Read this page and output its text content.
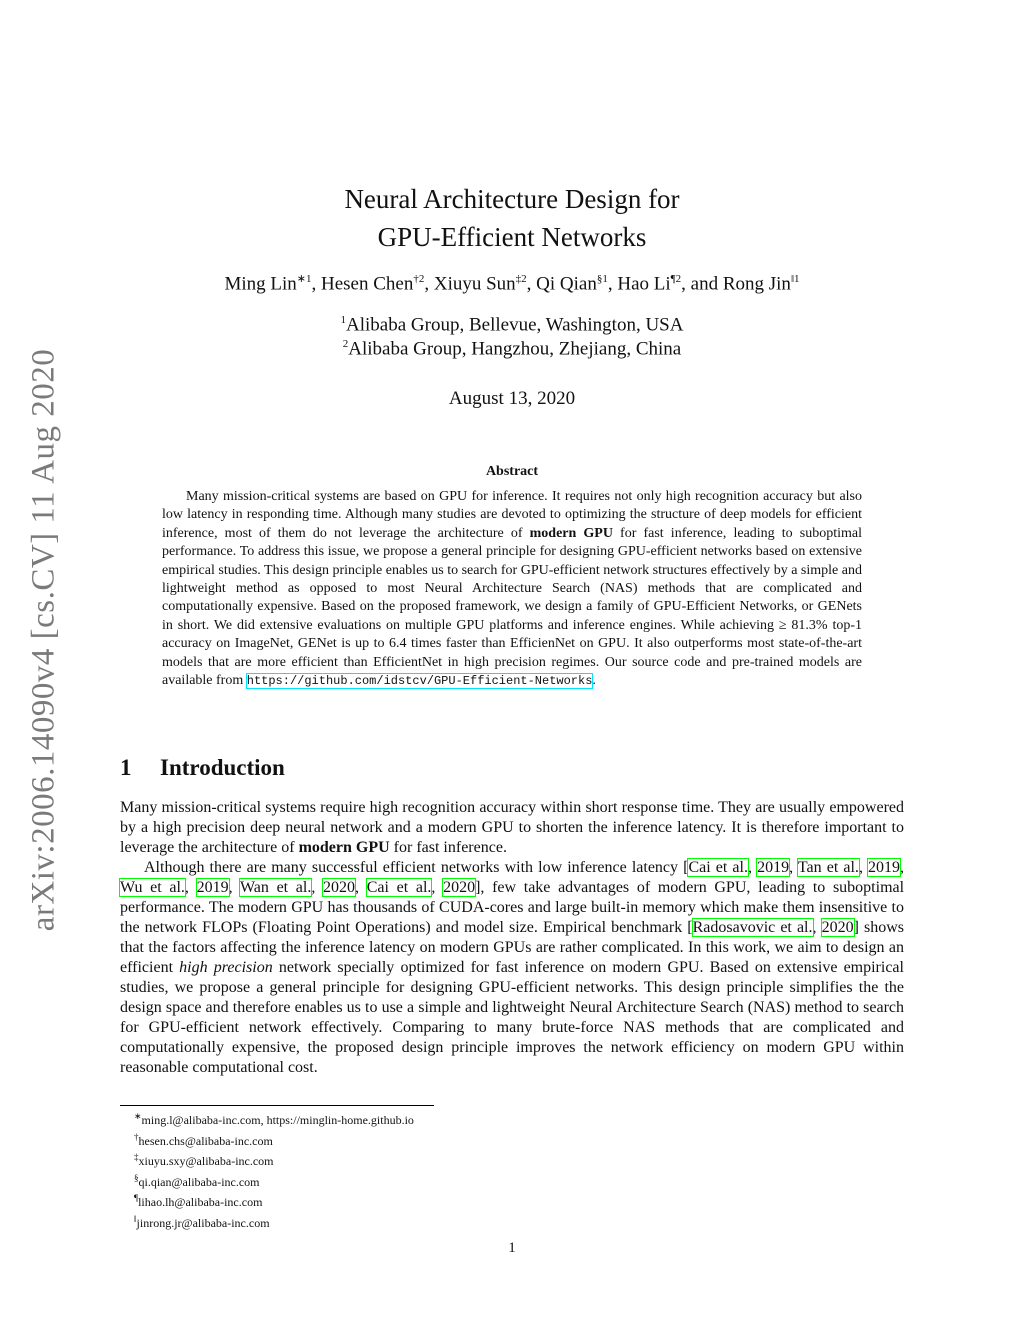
arXiv:2006.14090v4 [cs.CV] 11 Aug 2020
Neural Architecture Design for
GPU-Efficient Networks
Ming Lin$^{∗1}$, Hesen Chen$^{\dagger 2}$, Xiuyu Sun$^{\ddagger 2}$, Qi Qian$^{\S 1}$, Hao Li$^{\P 2}$, and Rong Jin$^{‖1}$
$^1$Alibaba Group, Bellevue, Washington, USA
$^2$Alibaba Group, Hangzhou, Zhejiang, China
August 13, 2020
Abstract
Many mission-critical systems are based on GPU for inference. It requires not only high recognition accuracy but also low latency in responding time. Although many studies are devoted to optimizing the structure of deep models for efficient inference, most of them do not leverage the architecture of modern GPU for fast inference, leading to suboptimal performance. To address this issue, we propose a general principle for designing GPU-efficient networks based on extensive empirical studies. This design principle enables us to search for GPU-efficient network structures effectively by a simple and lightweight method as opposed to most Neural Architecture Search (NAS) methods that are complicated and computationally expensive. Based on the proposed framework, we design a family of GPU-Efficient Networks, or GENets in short. We did extensive evaluations on multiple GPU platforms and inference engines. While achieving ≥ 81.3% top-1 accuracy on ImageNet, GENet is up to 6.4 times faster than EfficienNet on GPU. It also outperforms most state-of-the-art models that are more efficient than EfficientNet in high precision regimes. Our source code and pre-trained models are available from https://github.com/idstcv/GPU-Efficient-Networks.
1 Introduction

Many mission-critical systems require high recognition accuracy within short response time. They are usually empowered by a high precision deep neural network and a modern GPU to shorten the inference latency. It is therefore important to leverage the architecture of modern GPU for fast inference.

Although there are many successful efficient networks with low inference latency [Cai et al., 2019, Tan et al., 2019, Wu et al., 2019, Wan et al., 2020, Cai et al., 2020], few take advantages of modern GPU, leading to suboptimal performance. The modern GPU has thousands of CUDA-cores and large built-in memory which make them insensitive to the network FLOPs (Floating Point Operations) and model size. Empirical benchmark [Radosavovic et al., 2020] shows that the factors affecting the inference latency on modern GPUs are rather complicated. In this work, we aim to design an efficient high precision network specially optimized for fast inference on modern GPU. Based on extensive empirical studies, we propose a general principle for designing GPU-efficient networks. This design principle simplifies the the design space and therefore enables us to use a simple and lightweight Neural Architecture Search (NAS) method to search for GPU-efficient network effectively. Comparing to many brute-force NAS methods that are complicated and computationally expensive, the proposed design principle improves the network efficiency on modern GPU within reasonable computational cost.

∗ming.l@alibaba-inc.com, https://minglin-home.github.io
†hesen.chs@alibaba-inc.com
‡xiuyu.sxy@alibaba-inc.com
§qi.qian@alibaba-inc.com
¶lihao.lh@alibaba-inc.com
‖jinrong.jr@alibaba-inc.com
1
